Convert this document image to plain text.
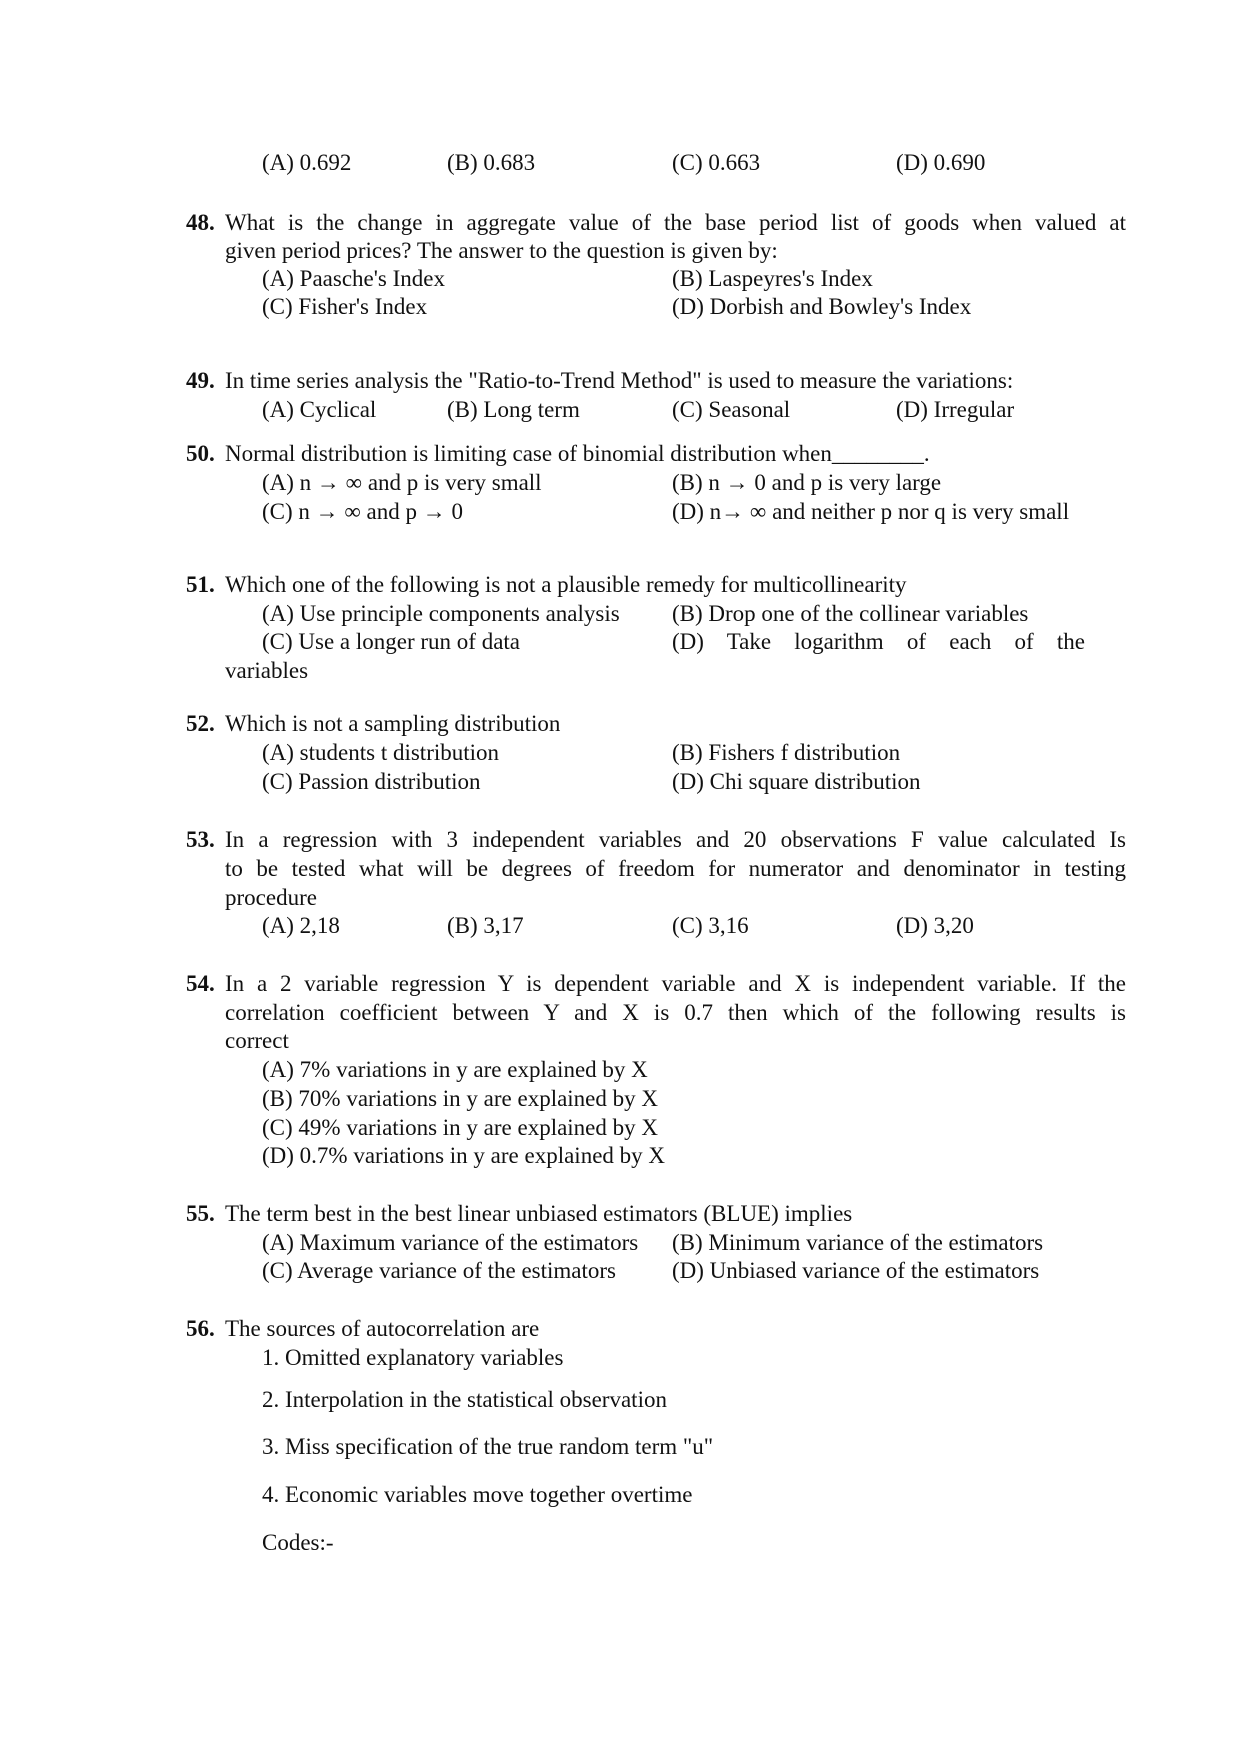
(A) 0.692	(B) 0.683	(C) 0.663	(D) 0.690
48. What is the change in aggregate value of the base period list of goods when valued at
given period prices? The answer to the question is given by:
(A) Paasche's Index	(B) Laspeyres's Index
(C) Fisher's Index	(D) Dorbish and Bowley's Index
49. In time series analysis the "Ratio-to-Trend Method" is used to measure the variations:
(A) Cyclical	(B) Long term	(C) Seasonal	(D) Irregular
50. Normal distribution is limiting case of binomial distribution when________.
(A) n → ∞ and p is very small	(B) n → 0 and p is very large
(C) n → ∞ and p → 0	(D) n→ ∞ and neither p nor q is very small
51. Which one of the following is not a plausible remedy for multicollinearity
(A) Use principle components analysis (B) Drop one of the collinear variables
(C) Use a longer run of data	(D) Take logarithm of each of the
variables
52. Which is not a sampling distribution
(A) students t distribution	(B) Fishers f distribution
(C) Passion distribution	(D) Chi square distribution
53. In a regression with 3 independent variables and 20 observations F value calculated Is
to be tested what will be degrees of freedom for numerator and denominator in testing
procedure
(A) 2,18	(B) 3,17	(C) 3,16	(D) 3,20
54. In a 2 variable regression Y is dependent variable and X is independent variable. If the
correlation coefficient between Y and X is 0.7 then which of the following results is
correct
(A) 7% variations in y are explained by X
(B) 70% variations in y are explained by X
(C) 49% variations in y are explained by X
(D) 0.7% variations in y are explained by X
55. The term best in the best linear unbiased estimators (BLUE) implies
(A) Maximum variance of the estimators (B) Minimum variance of the estimators
(C) Average variance of the estimators (D) Unbiased variance of the estimators
56. The sources of autocorrelation are
1. Omitted explanatory variables
2. Interpolation in the statistical observation
3. Miss specification of the true random term "u"
4. Economic variables move together overtime
Codes:-
